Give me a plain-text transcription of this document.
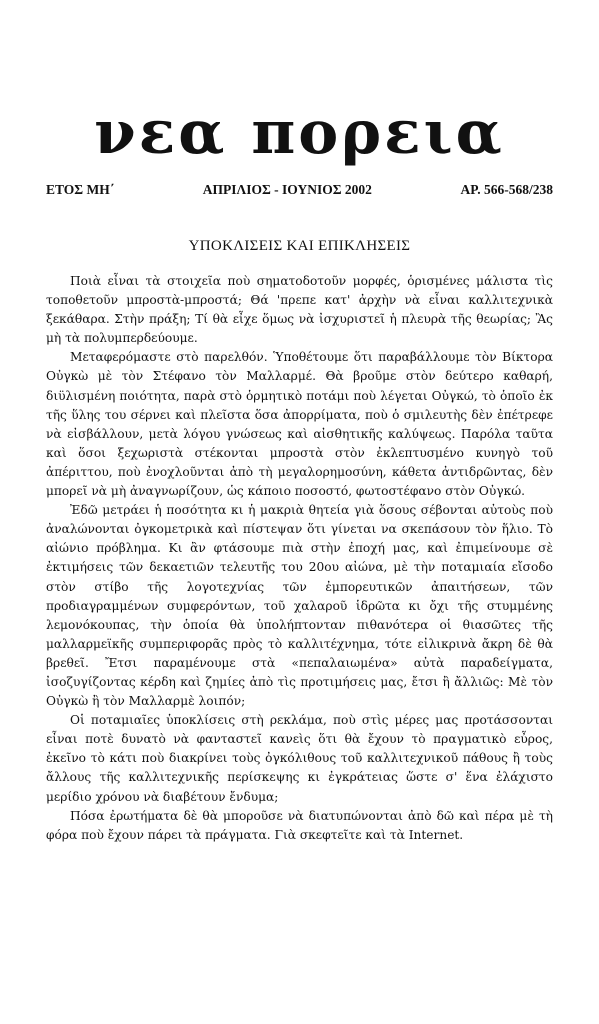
νεα πορεια
ΕΤΟΣ ΜΗ΄	ΑΠΡΙΛΙΟΣ - ΙΟΥΝΙΟΣ 2002	ΑΡ. 566-568/238
ΥΠΟΚΛΙΣΕΙΣ ΚΑΙ ΕΠΙΚΛΗΣΕΙΣ

Ποιὰ εἶναι τὰ στοιχεῖα ποὺ σηματοδοτοῦν μορφές, ὁρισμένες μάλιστα τὶς τοποθετοῦν μπροστὰ-μπροστά; Θά 'πρεπε κατ' ἀρχὴν νὰ εἶναι καλλιτεχνικὰ ξεκάθαρα. Στὴν πράξη; Τί θὰ εἶχε ὅμως νὰ ἰσχυριστεῖ ἡ πλευρὰ τῆς θεωρίας; Ἂς μὴ τὰ πολυμπερδεύουμε.

Μεταφερόμαστε στὸ παρελθόν. Ὑποθέτουμε ὅτι παραβάλλουμε τὸν Βίκτορα Οὐγκὼ μὲ τὸν Στέφανο τὸν Μαλλαρμέ. Θὰ βροῦμε στὸν δεύτερο καθαρή, διϋλισμένη ποιότητα, παρὰ στὸ ὁρμητικὸ ποτάμι ποὺ λέγεται Οὐγκώ, τὸ ὁποῖο ἐκ τῆς ὕλης του σέρνει καὶ πλεῖστα ὅσα ἀπορρίματα, ποὺ ὁ σμιλευτὴς δὲν ἐπέτρεφε νὰ εἰσβάλλουν, μετὰ λόγου γνώσεως καὶ αἰσθητικῆς καλύψεως. Παρόλα ταῦτα καὶ ὅσοι ξεχωριστὰ στέκονται μπροστὰ στὸν ἐκλεπτυσμένο κυνηγὸ τοῦ ἀπέριττου, ποὺ ἐνοχλοῦνται ἀπὸ τὴ μεγαλορημοσύνη, κάθετα ἀντιδρῶντας, δὲν μπορεῖ νὰ μὴ ἀναγνωρίζουν, ὡς κάποιο ποσοστό, φωτοστέφανο στὸν Οὐγκώ.

Ἐδῶ μετράει ἡ ποσότητα κι ἡ μακριὰ θητεία γιὰ ὅσους σέβονται αὐτοὺς ποὺ ἀναλώνονται ὀγκομετρικὰ καὶ πίστεψαν ὅτι γίνεται να σκεπάσουν τὸν ἥλιο. Τὸ αἰώνιο πρόβλημα. Κι ἂν φτάσουμε πιὰ στὴν ἐποχή μας, καὶ ἐπιμείνουμε σὲ ἐκτιμήσεις τῶν δεκαετιῶν τελευτῆς του 20ου αἰώνα, μὲ τὴν ποταμιαία εἴσοδο στὸν στίβο τῆς λογοτεχνίας τῶν ἐμπορευτικῶν ἀπαιτήσεων, τῶν προδιαγραμμένων συμφερόντων, τοῦ χαλαροῦ ἱδρῶτα κι ὄχι τῆς στυμμένης λεμονόκουπας, τὴν ὁποία θὰ ὑπολήπτονταν πιθανότερα οἱ θιασῶτες τῆς μαλλαρμεϊκῆς συμπεριφορᾶς πρὸς τὸ καλλιτέχνημα, τότε εἰλικρινὰ ἄκρη δὲ θὰ βρεθεῖ. Ἔτσι παραμένουμε στὰ «πεπαλαιωμένα» αὐτὰ παραδείγματα, ἰσοζυγίζοντας κέρδη καὶ ζημίες ἀπὸ τὶς προτιμήσεις μας, ἔτσι ἢ ἄλλιῶς: Μὲ τὸν Οὐγκὼ ἢ τὸν Μαλλαρμὲ λοιπόν;

Οἱ ποταμιαῖες ὑποκλίσεις στὴ ρεκλάμα, ποὺ στὶς μέρες μας προτάσσονται εἶναι ποτὲ δυνατὸ νὰ φανταστεῖ κανεὶς ὅτι θὰ ἔχουν τὸ πραγματικὸ εὖρος, ἐκεῖνο τὸ κάτι ποὺ διακρίνει τοὺς ὀγκόλιθους τοῦ καλλιτεχνικοῦ πάθους ἢ τοὺς ἄλλους τῆς καλλιτεχνικῆς περίσκεψης κι ἐγκράτειας ὥστε σ' ἕνα ἐλάχιστο μερίδιο χρόνου νὰ διαβέτουν ἔνδυμα;

Πόσα ἐρωτήματα δὲ θὰ μποροῦσε νὰ διατυπώνονται ἀπὸ δῶ καὶ πέρα μὲ τὴ φόρα ποὺ ἔχουν πάρει τὰ πράγματα. Γιὰ σκεφτεῖτε καὶ τὰ Internet.
